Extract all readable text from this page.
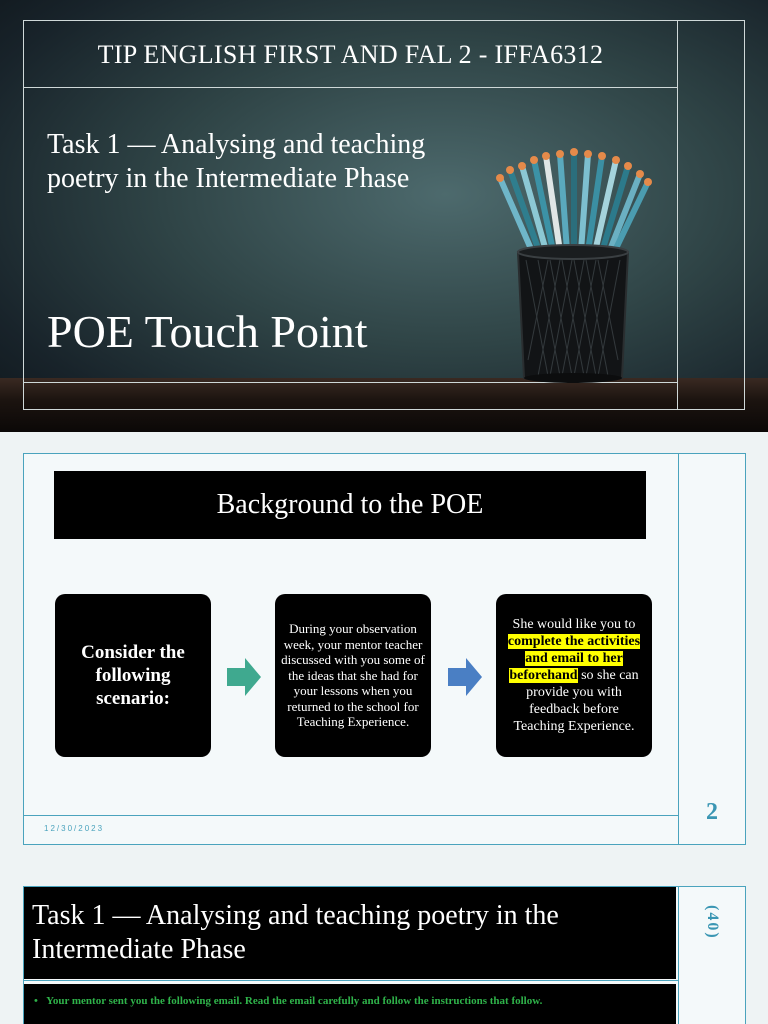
TIP ENGLISH FIRST AND FAL 2 - IFFA6312
Task 1 — Analysing and teaching poetry in the Intermediate Phase
POE Touch Point
Background to the POE
Consider the following scenario:
During your observation week, your mentor teacher discussed with you some of the ideas that she had for your lessons when you returned to the school for Teaching Experience.
She would like you to complete the activities and email to her beforehand so she can provide you with feedback before Teaching Experience.
12/30/2023
2
Task 1 — Analysing and teaching poetry in the Intermediate Phase
•   Your mentor sent you the following email. Read the email carefully and follow the instructions that follow.
(40)
